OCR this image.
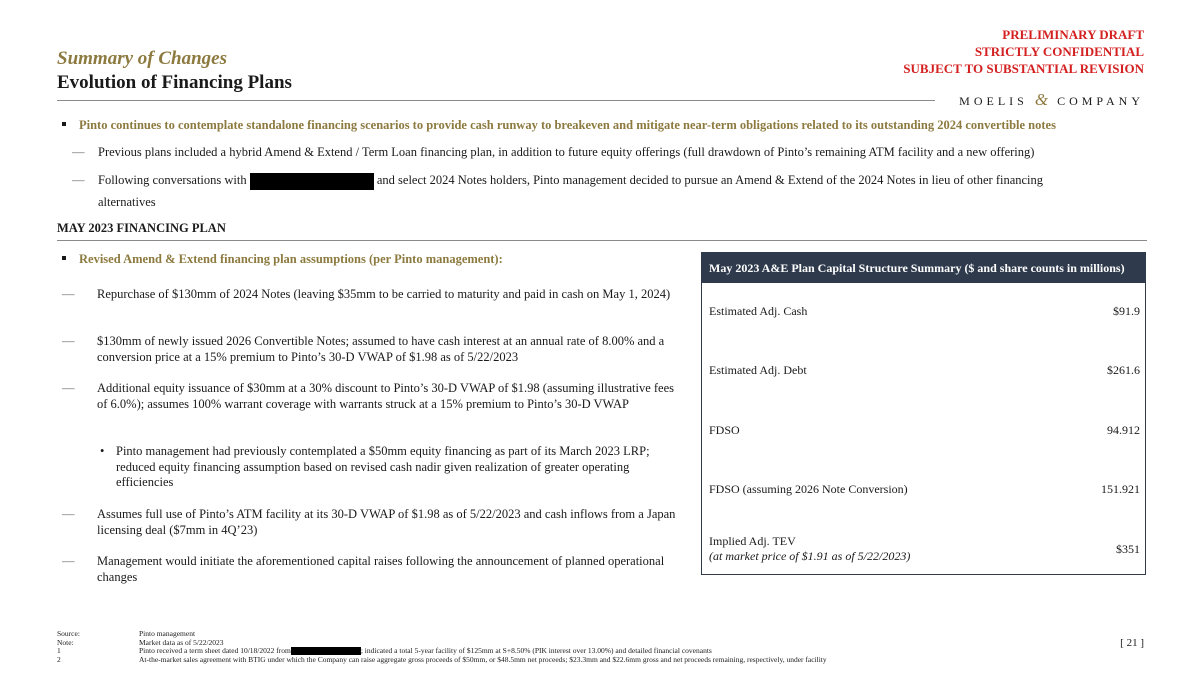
Summary of Changes
Evolution of Financing Plans
PRELIMINARY DRAFT
STRICTLY CONFIDENTIAL
SUBJECT TO SUBSTANTIAL REVISION
MOELIS & COMPANY
Pinto continues to contemplate standalone financing scenarios to provide cash runway to breakeven and mitigate near-term obligations related to its outstanding 2024 convertible notes
— Previous plans included a hybrid Amend & Extend / Term Loan financing plan, in addition to future equity offerings (full drawdown of Pinto’s remaining ATM facility and a new offering)
— Following conversations with	and select 2024 Notes holders, Pinto management decided to pursue an Amend & Extend of the 2024 Notes in lieu of other financing
alternatives
MAY 2023 FINANCING PLAN
Revised Amend & Extend financing plan assumptions (per Pinto management):
— Repurchase of $130mm of 2024 Notes (leaving $35mm to be carried to maturity and paid in cash on May 1, 2024)
— $130mm of newly issued 2026 Convertible Notes; assumed to have cash interest at an annual rate of 8.00% and a conversion price at a 15% premium to Pinto’s 30-D VWAP of $1.98 as of 5/22/2023
— Additional equity issuance of $30mm at a 30% discount to Pinto’s 30-D VWAP of $1.98 (assuming illustrative fees of 6.0%); assumes 100% warrant coverage with warrants struck at a 15% premium to Pinto’s 30-D VWAP
• Pinto management had previously contemplated a $50mm equity financing as part of its March 2023 LRP; reduced equity financing assumption based on revised cash nadir given realization of greater operating efficiencies
— Assumes full use of Pinto’s ATM facility at its 30-D VWAP of $1.98 as of 5/22/2023 and cash inflows from a Japan licensing deal ($7mm in 4Q’23)
— Management would initiate the aforementioned capital raises following the announcement of planned operational changes
May 2023 A&E Plan Capital Structure Summary ($ and share counts in millions)
Estimated Adj. Cash	$91.9
Estimated Adj. Debt	$261.6
FDSO	94.912
FDSO (assuming 2026 Note Conversion)	151.921
Implied Adj. TEV
(at market price of $1.91 as of 5/22/2023)	$351
Source:	Pinto management
Note:	Market data as of 5/22/2023
1	Pinto received a term sheet dated 10/18/2022 from	; indicated a total 5-year facility of $125mm at S+8.50% (PIK interest over 13.00%) and detailed financial covenants
2	At-the-market sales agreement with BTIG under which the Company can raise aggregate gross proceeds of $50mm, or $48.5mm net proceeds; $23.3mm and $22.6mm gross and net proceeds remaining, respectively, under facility
[ 21 ]
